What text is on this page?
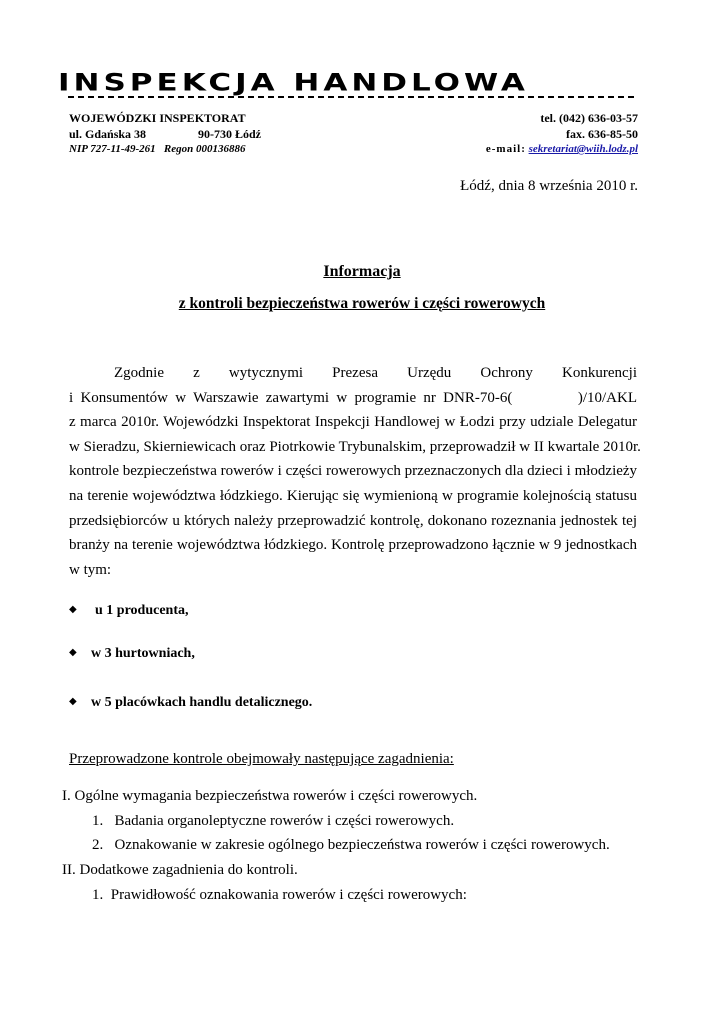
INSPEKCJA HANDLOWA
WOJEWÓDZKI INSPEKTORAT
ul. Gdańska 38	90-730 Łódź
NIP 727-11-49-261   Regon 000136886
tel. (042) 636-03-57
fax. 636-85-50
e-mail: sekretariat@wiih.lodz.pl
Łódź, dnia 8 września 2010 r.
Informacja
z kontroli bezpieczeństwa rowerów i części rowerowych
Zgodnie z wytycznymi Prezesa Urzędu Ochrony Konkurencji
i Konsumentów w Warszawie zawartymi w programie nr DNR-70-6(         )/10/AKL
z marca 2010r. Wojewódzki Inspektorat Inspekcji Handlowej w Łodzi przy udziale Delegatur
w Sieradzu, Skierniewicach oraz Piotrkowie Trybunalskim, przeprowadził w II kwartale 2010r.
kontrole bezpieczeństwa rowerów i części rowerowych przeznaczonych dla dzieci i młodzieży
na terenie województwa łódzkiego. Kierując się wymienioną w programie kolejnością statusu
przedsiębiorców u których należy przeprowadzić kontrolę, dokonano rozeznania jednostek tej
branży na terenie województwa łódzkiego. Kontrolę przeprowadzono łącznie w 9 jednostkach
w tym:
◆ u 1 producenta,
◆ w 3 hurtowniach,
◆ w 5 placówkach handlu detalicznego.
Przeprowadzone kontrole obejmowały następujące zagadnienia:
I. Ogólne wymagania bezpieczeństwa rowerów i części rowerowych.
1.   Badania organoleptyczne rowerów i części rowerowych.
2.   Oznakowanie w zakresie ogólnego bezpieczeństwa rowerów i części rowerowych.
II. Dodatkowe zagadnienia do kontroli.
1.  Prawidłowość oznakowania rowerów i części rowerowych:
